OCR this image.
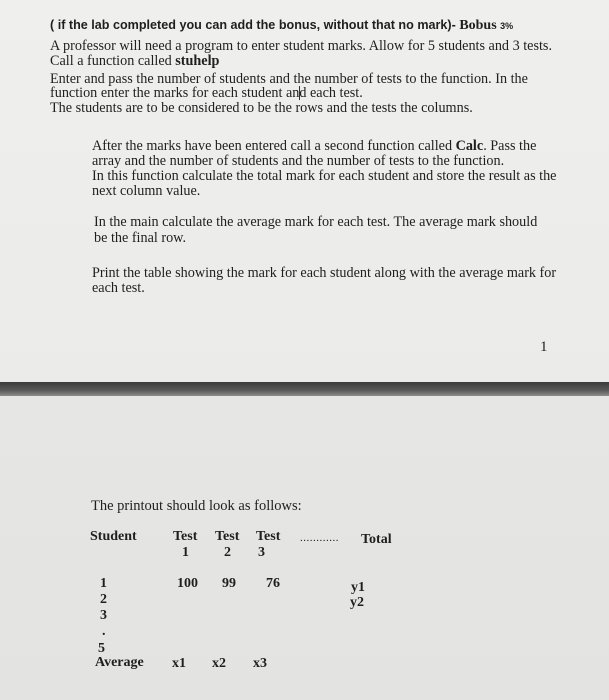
( if the lab completed you can add the bonus, without that no mark)- Bobus 3%
A professor will need a program to enter student marks. Allow for 5 students and 3 tests.
Call a function called stuhelp
Enter and pass the number of students and the number of tests to the function. In the
function enter the marks for each student and each test.
The students are to be considered to be the rows and the tests the columns.
After the marks have been entered call a second function called Calc. Pass the
array and the number of students and the number of tests to the function.
In this function calculate the total mark for each student and store the result as the
next column value.
In the main calculate the average mark for each test. The average mark should
be the final row.
Print the table showing the mark for each student along with the average mark for
each test.
1
The printout should look as follows:
Student	Test
1
Test
2
Test
3
............ Total
1
2
3
.
5
100 99 76	y1
y2
Average x1 x2 x3
